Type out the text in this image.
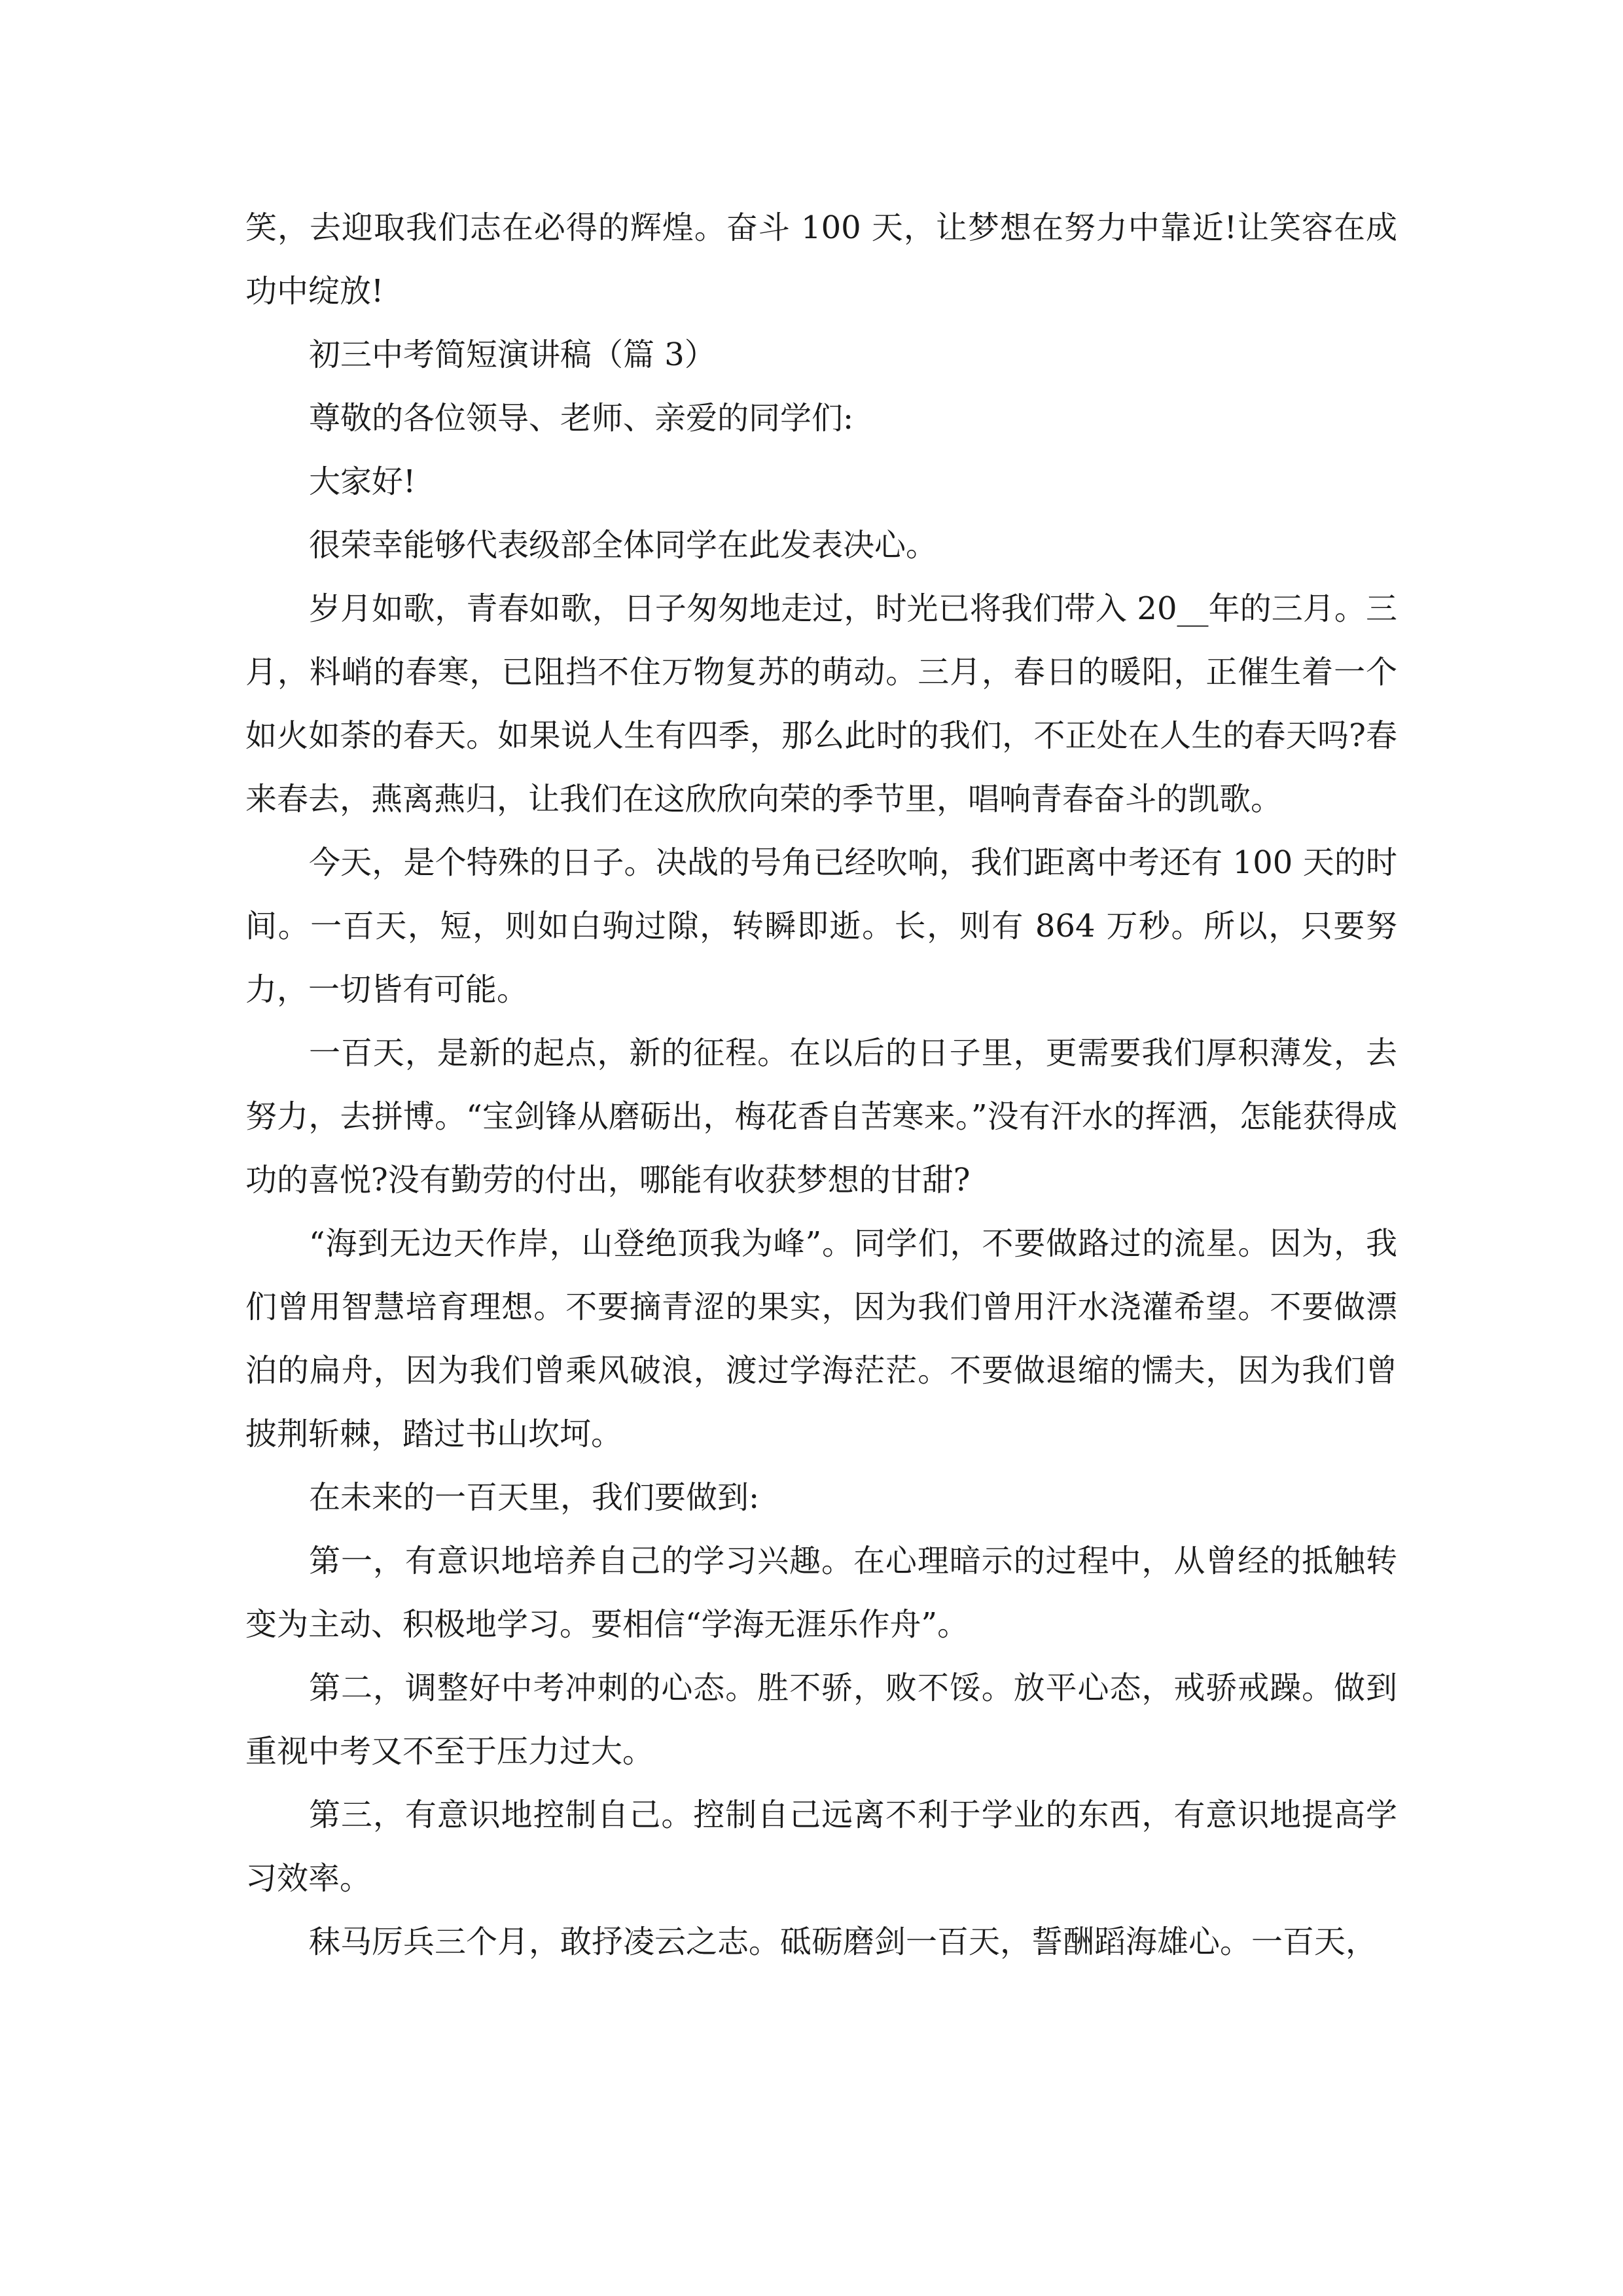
笑，去迎取我们志在必得的辉煌。奋斗 100 天，让梦想在努力中靠近!让笑容在成功中绽放!

初三中考简短演讲稿（篇 3）

尊敬的各位领导、老师、亲爱的同学们:

大家好!

很荣幸能够代表级部全体同学在此发表决心。

岁月如歌，青春如歌，日子匆匆地走过，时光已将我们带入 20__年的三月。三月，料峭的春寒，已阻挡不住万物复苏的萌动。三月，春日的暖阳，正催生着一个如火如荼的春天。如果说人生有四季，那么此时的我们，不正处在人生的春天吗?春来春去，燕离燕归，让我们在这欣欣向荣的季节里，唱响青春奋斗的凯歌。

今天，是个特殊的日子。决战的号角已经吹响，我们距离中考还有 100 天的时间。一百天，短，则如白驹过隙，转瞬即逝。长，则有 864 万秒。所以，只要努力，一切皆有可能。

一百天，是新的起点，新的征程。在以后的日子里，更需要我们厚积薄发，去努力，去拼博。“宝剑锋从磨砺出，梅花香自苦寒来。”没有汗水的挥洒，怎能获得成功的喜悦?没有勤劳的付出，哪能有收获梦想的甘甜?

“海到无边天作岸，山登绝顶我为峰”。同学们，不要做路过的流星。因为，我们曾用智慧培育理想。不要摘青涩的果实，因为我们曾用汗水浇灌希望。不要做漂泊的扁舟，因为我们曾乘风破浪，渡过学海茫茫。不要做退缩的懦夫，因为我们曾披荆斩棘，踏过书山坎坷。

在未来的一百天里，我们要做到:

第一，有意识地培养自己的学习兴趣。在心理暗示的过程中，从曾经的抵触转变为主动、积极地学习。要相信“学海无涯乐作舟”。

第二，调整好中考冲刺的心态。胜不骄，败不馁。放平心态，戒骄戒躁。做到重视中考又不至于压力过大。

第三，有意识地控制自己。控制自己远离不利于学业的东西，有意识地提高学习效率。

秣马厉兵三个月，敢抒凌云之志。砥砺磨剑一百天，誓酬蹈海雄心。一百天，
